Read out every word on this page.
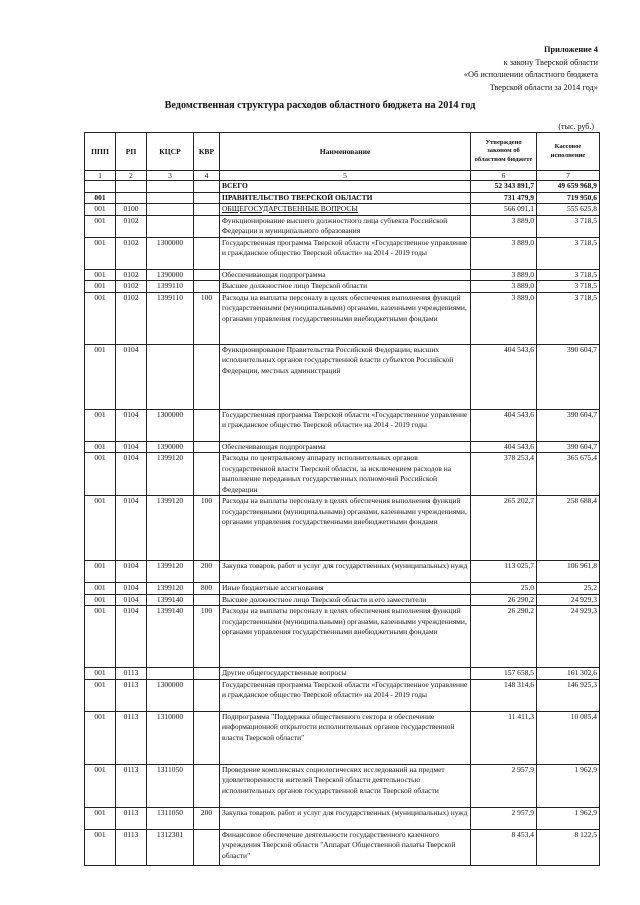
Приложение 4
к закону Тверской области
«Об исполнении областного бюджета
Тверской области за 2014 год»
Ведомственная структура расходов областного бюджета на 2014 год
(тыс. руб.)
ППП	РП	КЦСР	КВР	Наименование	Утверждено законом об областном бюджете	Кассовое исполнение
1	2	3	4	5	6	7
				ВСЕГО	52 343 891,7	49 659 968,9
001				ПРАВИТЕЛЬСТВО ТВЕРСКОЙ ОБЛАСТИ	731 479,9	719 950,6
001	0100			ОБЩЕГОСУДАРСТВЕННЫЕ ВОПРОСЫ	566 091,1	555 625,8
001	0102			Функционирование высшего должностного лица субъекта Российской Федерации и муниципального образования	3 889,0	3 718,5
001	0102	1300000		Государственная программа Тверской области «Государственное управление и гражданское общество Тверской области» на 2014 - 2019 годы	3 889,0	3 718,5
001	0102	1390000		Обеспечивающая подпрограмма	3 889,0	3 718,5
001	0102	1399110		Высшее должностное лицо Тверской области	3 889,0	3 718,5
001	0102	1399110	100	Расходы на выплаты персоналу в целях обеспечения выполнения функций государственными (муниципальными) органами, казенными учреждениями, органами управления государственными внебюджетными фондами	3 889,0	3 718,5
001	0104			Функционирование Правительства Российской Федерации, высших исполнительных органов государственной власти субъектов Российской Федерации, местных администраций	404 543,6	390 604,7
001	0104	1300000		Государственная программа Тверской области «Государственное управление и гражданское общество Тверской области» на 2014 - 2019 годы	404 543,6	390 604,7
001	0104	1390000		Обеспечивающая подпрограмма	404 543,6	390 604,7
001	0104	1399120		Расходы по центральному аппарату исполнительных органов государственной власти Тверской области, за исключением расходов на выполнение переданных государственных полномочий Российской Федерации	378 253,4	365 675,4
001	0104	1399120	100	Расходы на выплаты персоналу в целях обеспечения выполнения функций государственными (муниципальными) органами, казенными учреждениями, органами управления государственными внебюджетными фондами	265 202,7	258 688,4
001	0104	1399120	200	Закупка товаров, работ и услуг для государственных (муниципальных) нужд	113 025,7	106 961,8
001	0104	1399120	800	Иные бюджетные ассигнования	25,0	25,2
001	0104	1399140		Высшее должностное лицо Тверской области и его заместители	26 290,2	24 929,3
001	0104	1399140	100	Расходы на выплаты персоналу в целях обеспечения выполнения функций государственными (муниципальными) органами, казенными учреждениями, органами управления государственными внебюджетными фондами	26 290,2	24 929,3
001	0113			Другие общегосударственные вопросы	157 658,5	161 302,6
001	0113	1300000		Государственная программа Тверской области «Государственное управление и гражданское общество Тверской области» на 2014 - 2019 годы	148 314,6	146 925,3
001	0113	1310000		Подпрограмма "Поддержка общественного сектора и обеспечение информационной открытости исполнительных органов государственной власти Тверской области"	11 411,3	10 085,4
001	0113	1311050		Проведение комплексных социологических исследований на предмет удовлетворенности жителей Тверской области деятельностью исполнительных органов государственной власти Тверской области	2 957,9	1 962,9
001	0113	1311050	200	Закупка товаров, работ и услуг для государственных (муниципальных) нужд	2 957,9	1 962,9
001	0113	1312301		Финансовое обеспечение деятельности государственного казенного учреждения Тверской области "Аппарат Общественной палаты Тверской области"	8 453,4	8 122,5
